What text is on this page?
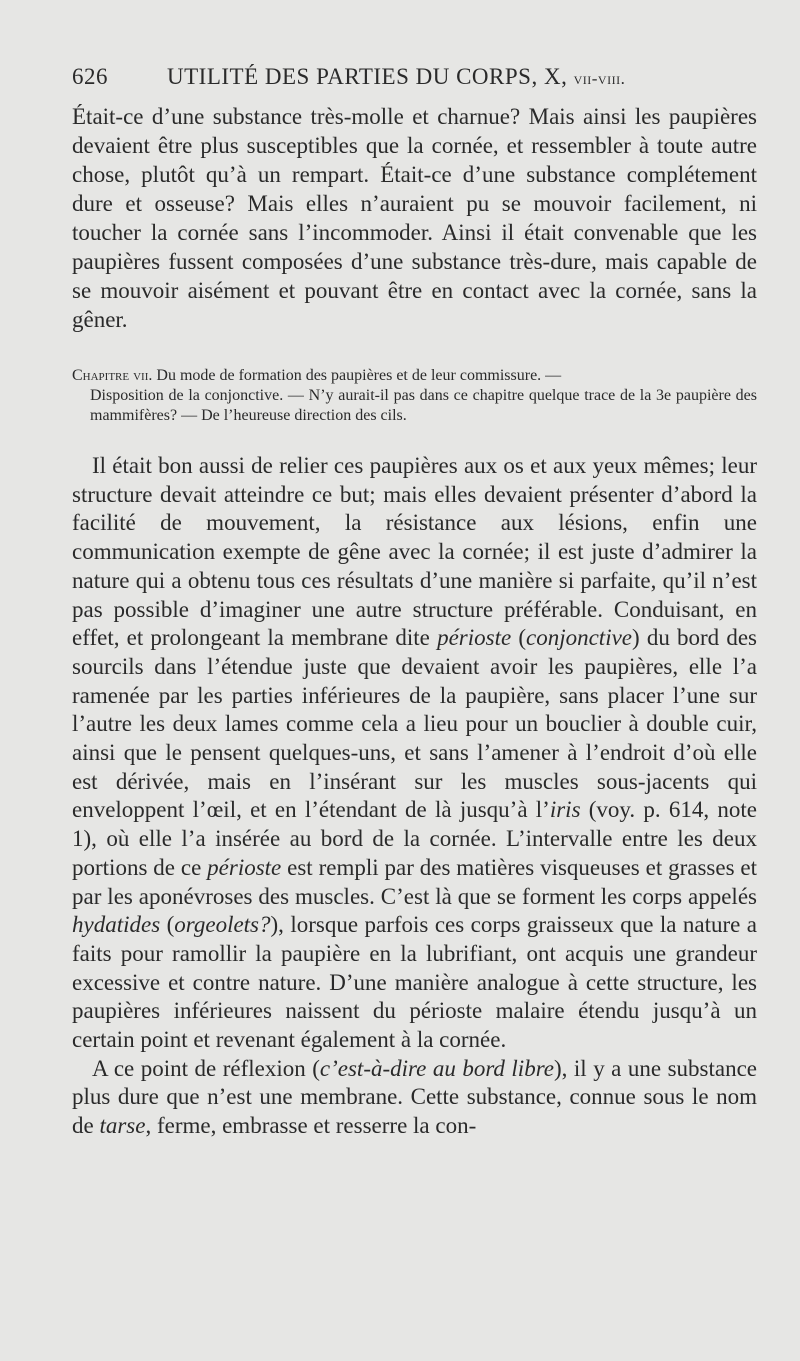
626	UTILITÉ DES PARTIES DU CORPS, X, vii-viii.

Était-ce d’une substance très-molle et charnue? Mais ainsi les paupières devaient être plus susceptibles que la cornée, et ressembler à toute autre chose, plutôt qu’à un rempart. Était-ce d’une substance complétement dure et osseuse? Mais elles n’auraient pu se mouvoir facilement, ni toucher la cornée sans l’incommoder. Ainsi il était convenable que les paupières fussent composées d’une substance très-dure, mais capable de se mouvoir aisément et pouvant être en contact avec la cornée, sans la gêner.

Chapitre vii. Du mode de formation des paupières et de leur commissure. —
Disposition de la conjonctive. — N’y aurait-il pas dans ce chapitre quelque trace de la 3e paupière des mammifères? — De l’heureuse direction des cils.

Il était bon aussi de relier ces paupières aux os et aux yeux mêmes; leur structure devait atteindre ce but; mais elles devaient présenter d’abord la facilité de mouvement, la résistance aux lésions, enfin une communication exempte de gêne avec la cornée; il est juste d’admirer la nature qui a obtenu tous ces résultats d’une manière si parfaite, qu’il n’est pas possible d’imaginer une autre structure préférable. Conduisant, en effet, et prolongeant la membrane dite périoste (conjonctive) du bord des sourcils dans l’étendue juste que devaient avoir les paupières, elle l’a ramenée par les parties inférieures de la paupière, sans placer l’une sur l’autre les deux lames comme cela a lieu pour un bouclier à double cuir, ainsi que le pensent quelques-uns, et sans l’amener à l’endroit d’où elle est dérivée, mais en l’insérant sur les muscles sous-jacents qui enveloppent l’œil, et en l’étendant de là jusqu’à l’iris (voy. p. 614, note 1), où elle l’a insérée au bord de la cornée. L’intervalle entre les deux portions de ce périoste est rempli par des matières visqueuses et grasses et par les aponévroses des muscles. C’est là que se forment les corps appelés hydatides (orgeolets?), lorsque parfois ces corps graisseux que la nature a faits pour ramollir la paupière en la lubrifiant, ont acquis une grandeur excessive et contre nature. D’une manière analogue à cette structure, les paupières inférieures naissent du périoste malaire étendu jusqu’à un certain point et revenant également à la cornée.

A ce point de réflexion (c’est-à-dire au bord libre), il y a une substance plus dure que n’est une membrane. Cette substance, connue sous le nom de tarse, ferme, embrasse et resserre la con-
